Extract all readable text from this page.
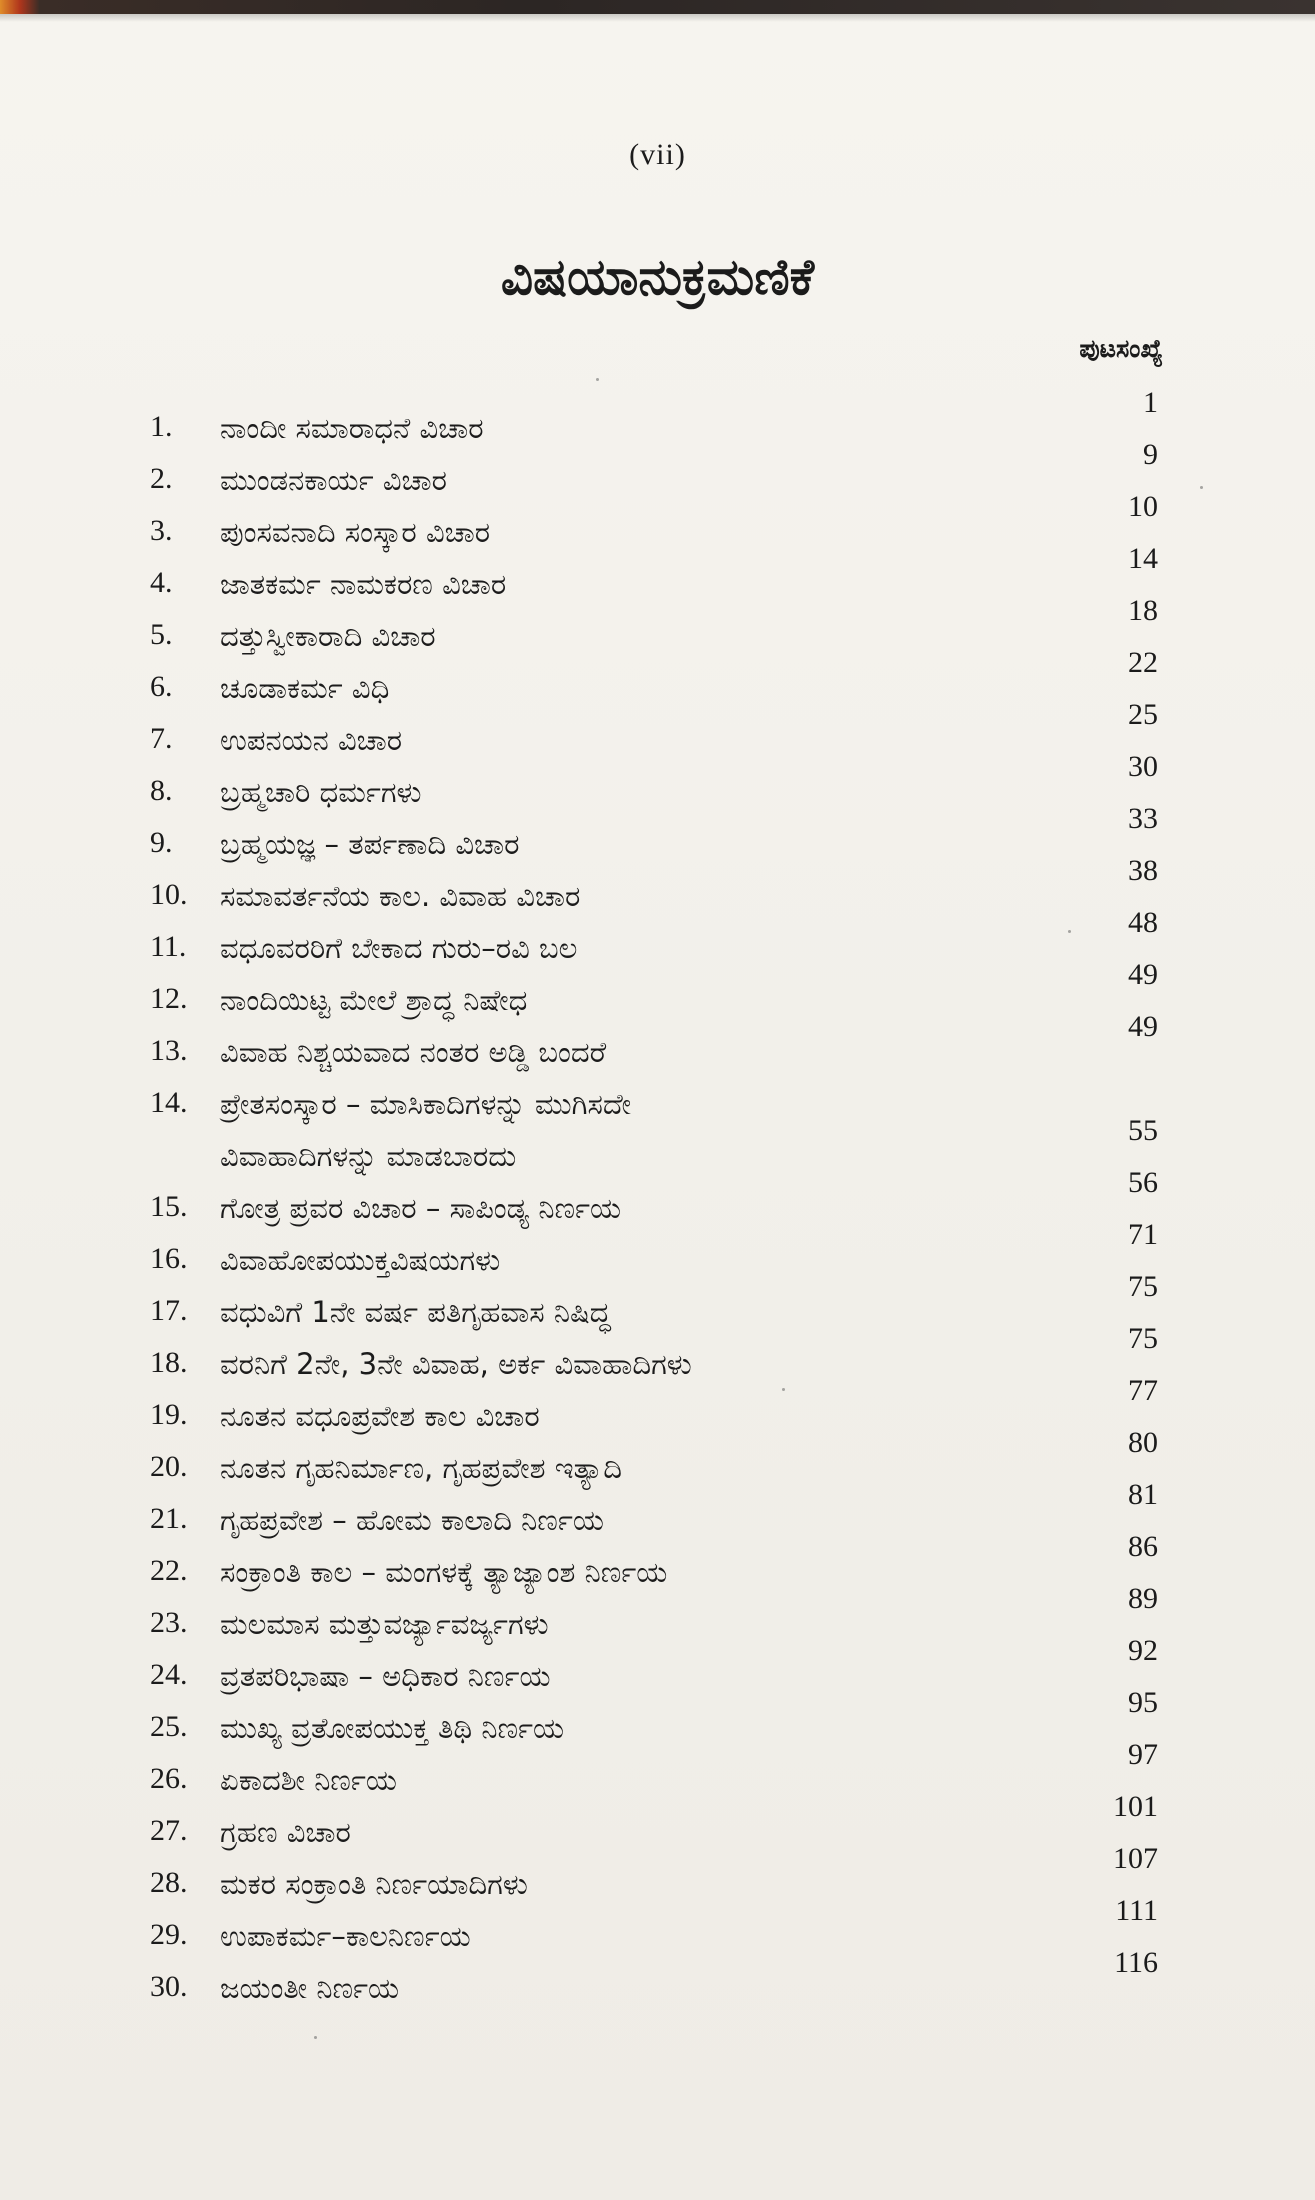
(vii)
ವಿಷಯಾನುಕ್ರಮಣಿಕೆ
ಪುಟಸಂಖ್ಯೆ
1. ನಾಂದೀ ಸಮಾರಾಧನೆ ವಿಚಾರ
1
2. ಮುಂಡನಕಾರ್ಯ ವಿಚಾರ
9
3. ಪುಂಸವನಾದಿ ಸಂಸ್ಕಾರ ವಿಚಾರ
10
4. ಜಾತಕರ್ಮ ನಾಮಕರಣ ವಿಚಾರ
14
5. ದತ್ತುಸ್ವೀಕಾರಾದಿ ವಿಚಾರ
18
6. ಚೂಡಾಕರ್ಮ ವಿಧಿ
22
7. ಉಪನಯನ ವಿಚಾರ
25
8. ಬ್ರಹ್ಮಚಾರಿ ಧರ್ಮಗಳು
30
9. ಬ್ರಹ್ಮಯಜ್ಞ – ತರ್ಪಣಾದಿ ವಿಚಾರ
33
10. ಸಮಾವರ್ತನೆಯ ಕಾಲ. ವಿವಾಹ ವಿಚಾರ
38
11. ವಧೂವರರಿಗೆ ಬೇಕಾದ ಗುರು–ರವಿ ಬಲ
48
12. ನಾಂದಿಯಿಟ್ಟ ಮೇಲೆ ಶ್ರಾದ್ಧ ನಿಷೇಧ
49
13. ವಿವಾಹ ನಿಶ್ಚಯವಾದ ನಂತರ ಅಡ್ಡಿ ಬಂದರೆ
49
14. ಪ್ರೇತಸಂಸ್ಕಾರ – ಮಾಸಿಕಾದಿಗಳನ್ನು ಮುಗಿಸದೇ
ವಿವಾಹಾದಿಗಳನ್ನು ಮಾಡಬಾರದು
55
15. ಗೋತ್ರ ಪ್ರವರ ವಿಚಾರ – ಸಾಪಿಂಡ್ಯ ನಿರ್ಣಯ
56
16. ವಿವಾಹೋಪಯುಕ್ತವಿಷಯಗಳು
71
17. ವಧುವಿಗೆ 1ನೇ ವರ್ಷ ಪತಿಗೃಹವಾಸ ನಿಷಿದ್ಧ
75
18. ವರನಿಗೆ 2ನೇ, 3ನೇ ವಿವಾಹ, ಅರ್ಕ ವಿವಾಹಾದಿಗಳು
75
19. ನೂತನ ವಧೂಪ್ರವೇಶ ಕಾಲ ವಿಚಾರ
77
20. ನೂತನ ಗೃಹನಿರ್ಮಾಣ, ಗೃಹಪ್ರವೇಶ ಇತ್ಯಾದಿ
80
21. ಗೃಹಪ್ರವೇಶ – ಹೋಮ ಕಾಲಾದಿ ನಿರ್ಣಯ
81
22. ಸಂಕ್ರಾಂತಿ ಕಾಲ – ಮಂಗಳಕ್ಕೆ ತ್ಯಾಜ್ಯಾಂಶ ನಿರ್ಣಯ
86
23. ಮಲಮಾಸ ಮತ್ತುವರ್ಜ್ಯಾವರ್ಜ್ಯಗಳು
89
24. ವ್ರತಪರಿಭಾಷಾ – ಅಧಿಕಾರ ನಿರ್ಣಯ
92
25. ಮುಖ್ಯ ವ್ರತೋಪಯುಕ್ತ ತಿಥಿ ನಿರ್ಣಯ
95
26. ಏಕಾದಶೀ ನಿರ್ಣಯ
97
27. ಗ್ರಹಣ ವಿಚಾರ
101
28. ಮಕರ ಸಂಕ್ರಾಂತಿ ನಿರ್ಣಯಾದಿಗಳು
107
29. ಉಪಾಕರ್ಮ–ಕಾಲನಿರ್ಣಯ
111
30. ಜಯಂತೀ ನಿರ್ಣಯ
116
